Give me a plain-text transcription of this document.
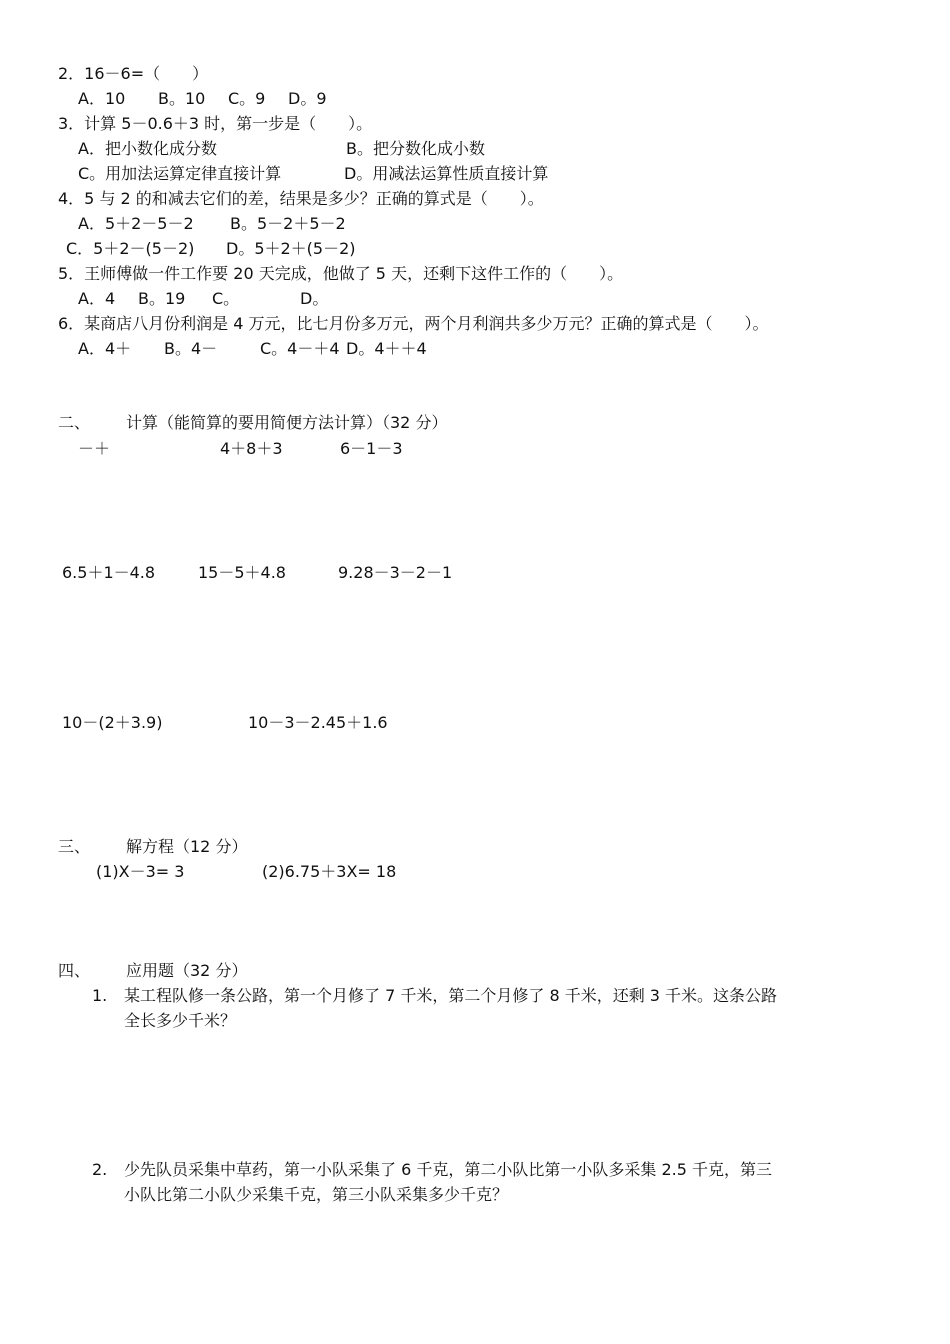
2．16－6=（　　）
A．10 B。10 C。9 D。9
3．计算 5－0.6＋3 时，第一步是（　　）。
A．把小数化成分数	B。把分数化成小数
C。用加法运算定律直接计算	D。用减法运算性质直接计算
4．5 与 2 的和减去它们的差，结果是多少？正确的算式是（　　）。
A．5＋2－5－2 B。5－2＋5－2
C．5＋2－(5－2) D。5＋2＋(5－2)
5．王师傅做一件工作要 20 天完成，他做了 5 天，还剩下这件工作的（　　）。
A．4 B。19 C。	D。
6．某商店八月份利润是 4 万元，比七月份多万元，两个月利润共多少万元？正确的算式是（　　）。
A．4＋ B。4－	C。4－＋4 D。4＋＋4
二、 计算（能简算的要用简便方法计算）（32 分）
－＋	4＋8＋3	6－1－3
6.5＋1－4.8	15－5＋4.8	9.28－3－2－1
10－(2＋3.9)	10－3－2.45＋1.6
三、 解方程（12 分）
(1)X－3= 3	(2)6.75＋3X= 18
四、 应用题（32 分）
1. 某工程队修一条公路，第一个月修了 7 千米，第二个月修了 8 千米，还剩 3 千米。这条公路
全长多少千米？
2. 少先队员采集中草药，第一小队采集了 6 千克，第二小队比第一小队多采集 2.5 千克，第三
小队比第二小队少采集千克，第三小队采集多少千克？
